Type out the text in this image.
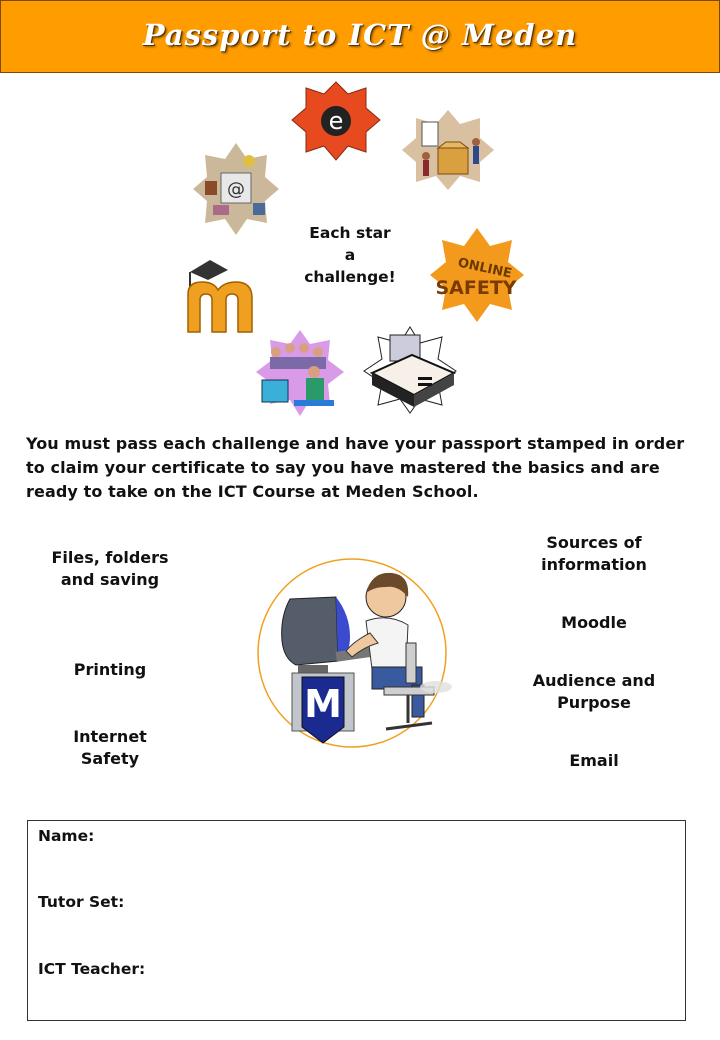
Passport to ICT @ Meden
e
ONLINE
SAFETY
@
Each star
a
challenge!
You must pass each challenge and have your passport stamped in order to claim your certificate to say you have mastered the basics and are ready to take on the ICT Course at Meden School.
Files, folders and saving
Printing
Internet Safety
Sources of information
Moodle
Audience and Purpose
Email
M
Name:
Tutor Set:
ICT Teacher:
